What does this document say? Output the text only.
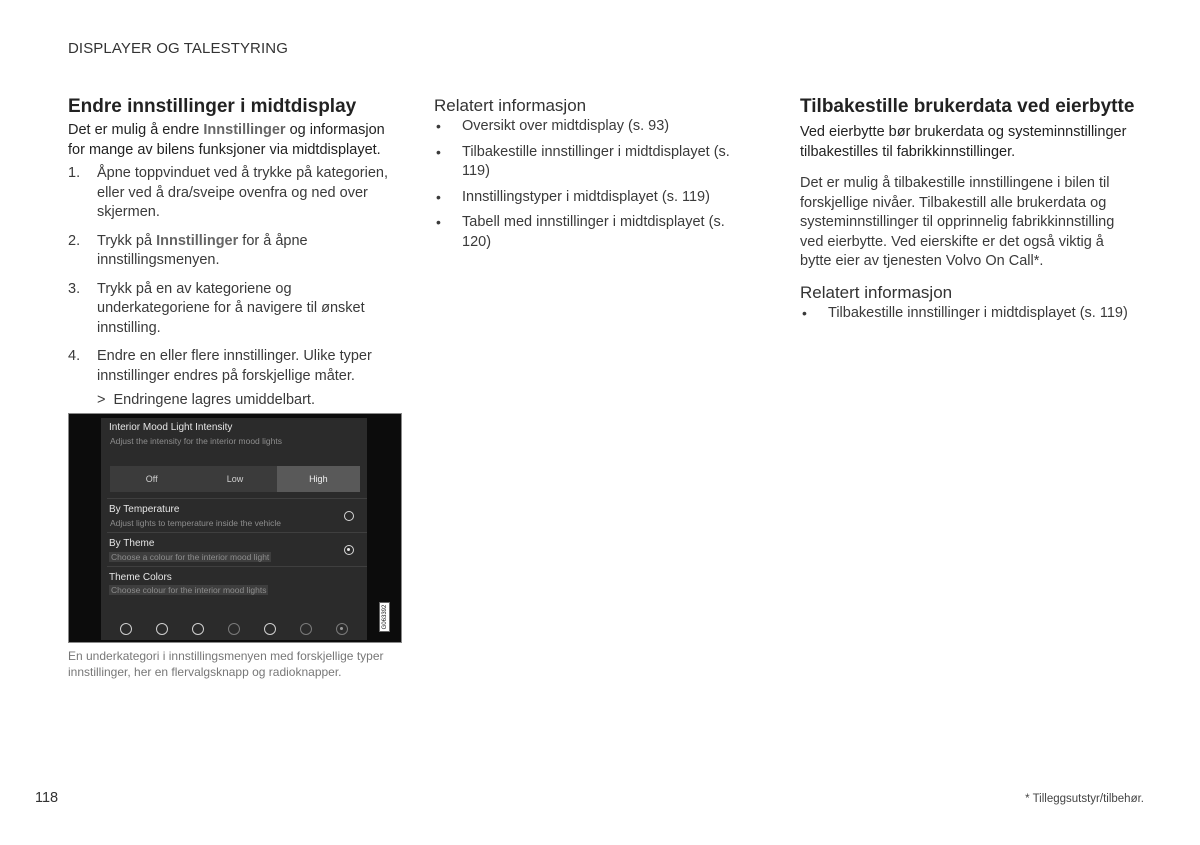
DISPLAYER OG TALESTYRING
Endre innstillinger i midtdisplay
Det er mulig å endre Innstillinger og informasjon for mange av bilens funksjoner via midtdisplayet.
1. Åpne toppvinduet ved å trykke på kategorien, eller ved å dra/sveipe ovenfra og ned over skjermen.
2. Trykk på Innstillinger for å åpne innstillingsmenyen.
3. Trykk på en av kategoriene og underkategoriene for å navigere til ønsket innstilling.
4. Endre en eller flere innstillinger. Ulike typer innstillinger endres på forskjellige måter.
> Endringene lagres umiddelbart.
Interior Mood Light Intensity
Adjust the intensity for the interior mood lights
Off	Low	High
By Temperature
Adjust lights to temperature inside the vehicle
By Theme
Choose a colour for the interior mood light
Theme Colors
Choose colour for the interior mood lights
G063392
En underkategori i innstillingsmenyen med forskjellige typer innstillinger, her en flervalgsknapp og radioknapper.
Relatert informasjon
• Oversikt over midtdisplay (s. 93)
• Tilbakestille innstillinger i midtdisplayet (s. 119)
• Innstillingstyper i midtdisplayet (s. 119)
• Tabell med innstillinger i midtdisplayet (s. 120)
Tilbakestille brukerdata ved eierbytte
Ved eierbytte bør brukerdata og systeminnstillinger tilbakestilles til fabrikkinnstillinger.
Det er mulig å tilbakestille innstillingene i bilen til forskjellige nivåer. Tilbakestill alle brukerdata og systeminnstillinger til opprinnelig fabrikkinnstilling ved eierbytte. Ved eierskifte er det også viktig å bytte eier av tjenesten Volvo On Call*.
Relatert informasjon
• Tilbakestille innstillinger i midtdisplayet (s. 119)
118	* Tilleggsutstyr/tilbehør.
